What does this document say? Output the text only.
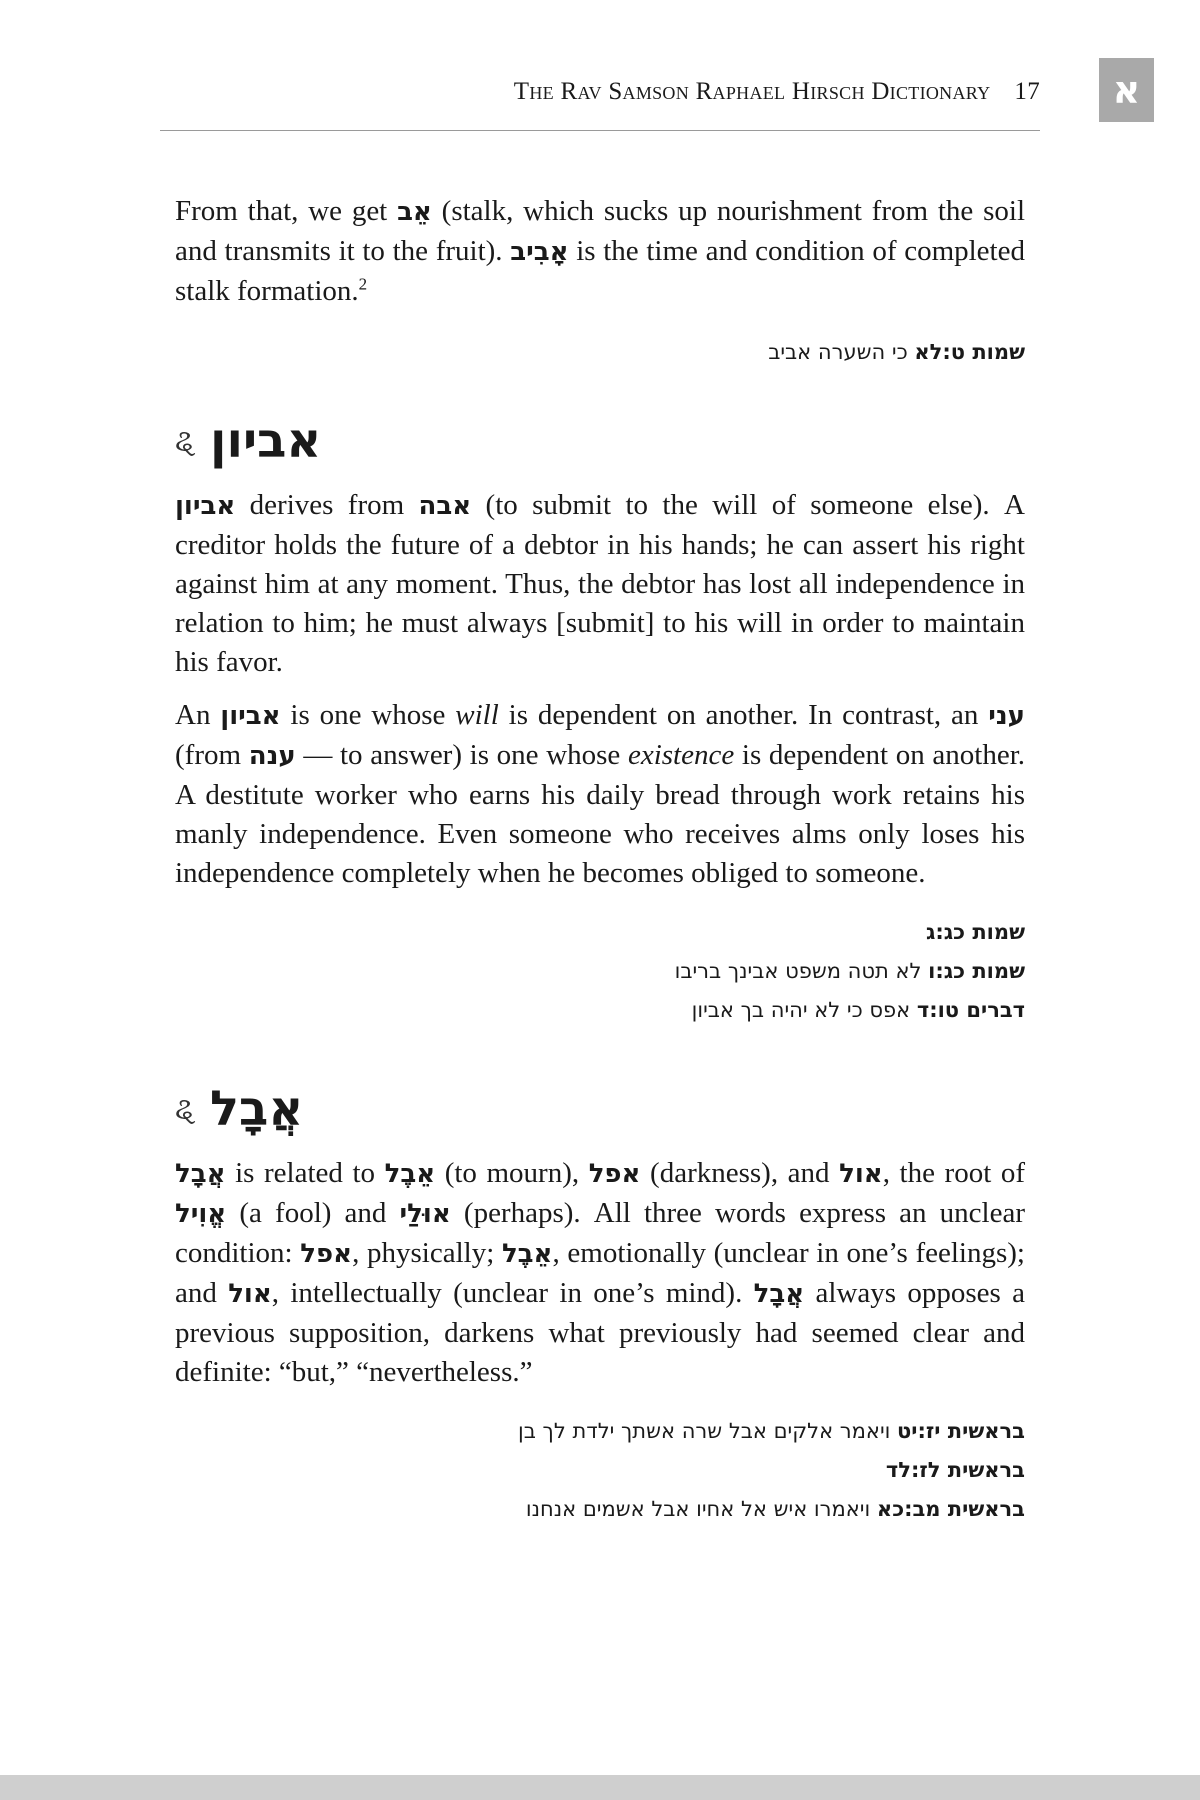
The Rav Samson Raphael Hirsch Dictionary 17 א

From that, we get אֵב (stalk, which sucks up nourishment from the soil and transmits it to the fruit). אָבִיב is the time and condition of completed stalk formation.$^2$

שמות ט:לא כי השערה אביב
ୡ אביון

אביון derives from אבה (to submit to the will of someone else). A creditor holds the future of a debtor in his hands; he can assert his right against him at any moment. Thus, the debtor has lost all independence in relation to him; he must always [submit] to his will in order to maintain his favor.

An אביון is one whose will is dependent on another. In contrast, an עני (from ענה — to answer) is one whose existence is dependent on another. A destitute worker who earns his daily bread through work retains his manly independence. Even someone who receives alms only loses his independence completely when he becomes obliged to someone.

שמות כג:ג
שמות כג:ו לא תטה משפט אבינך בריבו
דברים טו:ד אפס כי לא יהיה בך אביון
ୡ אֲבָל

אֲבָל is related to אֵבֶל (to mourn), אפל (darkness), and אול, the root of אֱוִיל (a fool) and אוּלַי (perhaps). All three words express an unclear condition: אפל, physically; אֵבֶל, emotionally (unclear in one’s feelings); and אול, intellectually (unclear in one’s mind). אֲבָל always opposes a previous supposition, darkens what previously had seemed clear and definite: “but,” “nevertheless.”

בראשית יז:יט ויאמר אלקים אבל שרה אשתך ילדת לך בן
בראשית לז:לד
בראשית מב:כא ויאמרו איש אל אחיו אבל אשמים אנחנו
